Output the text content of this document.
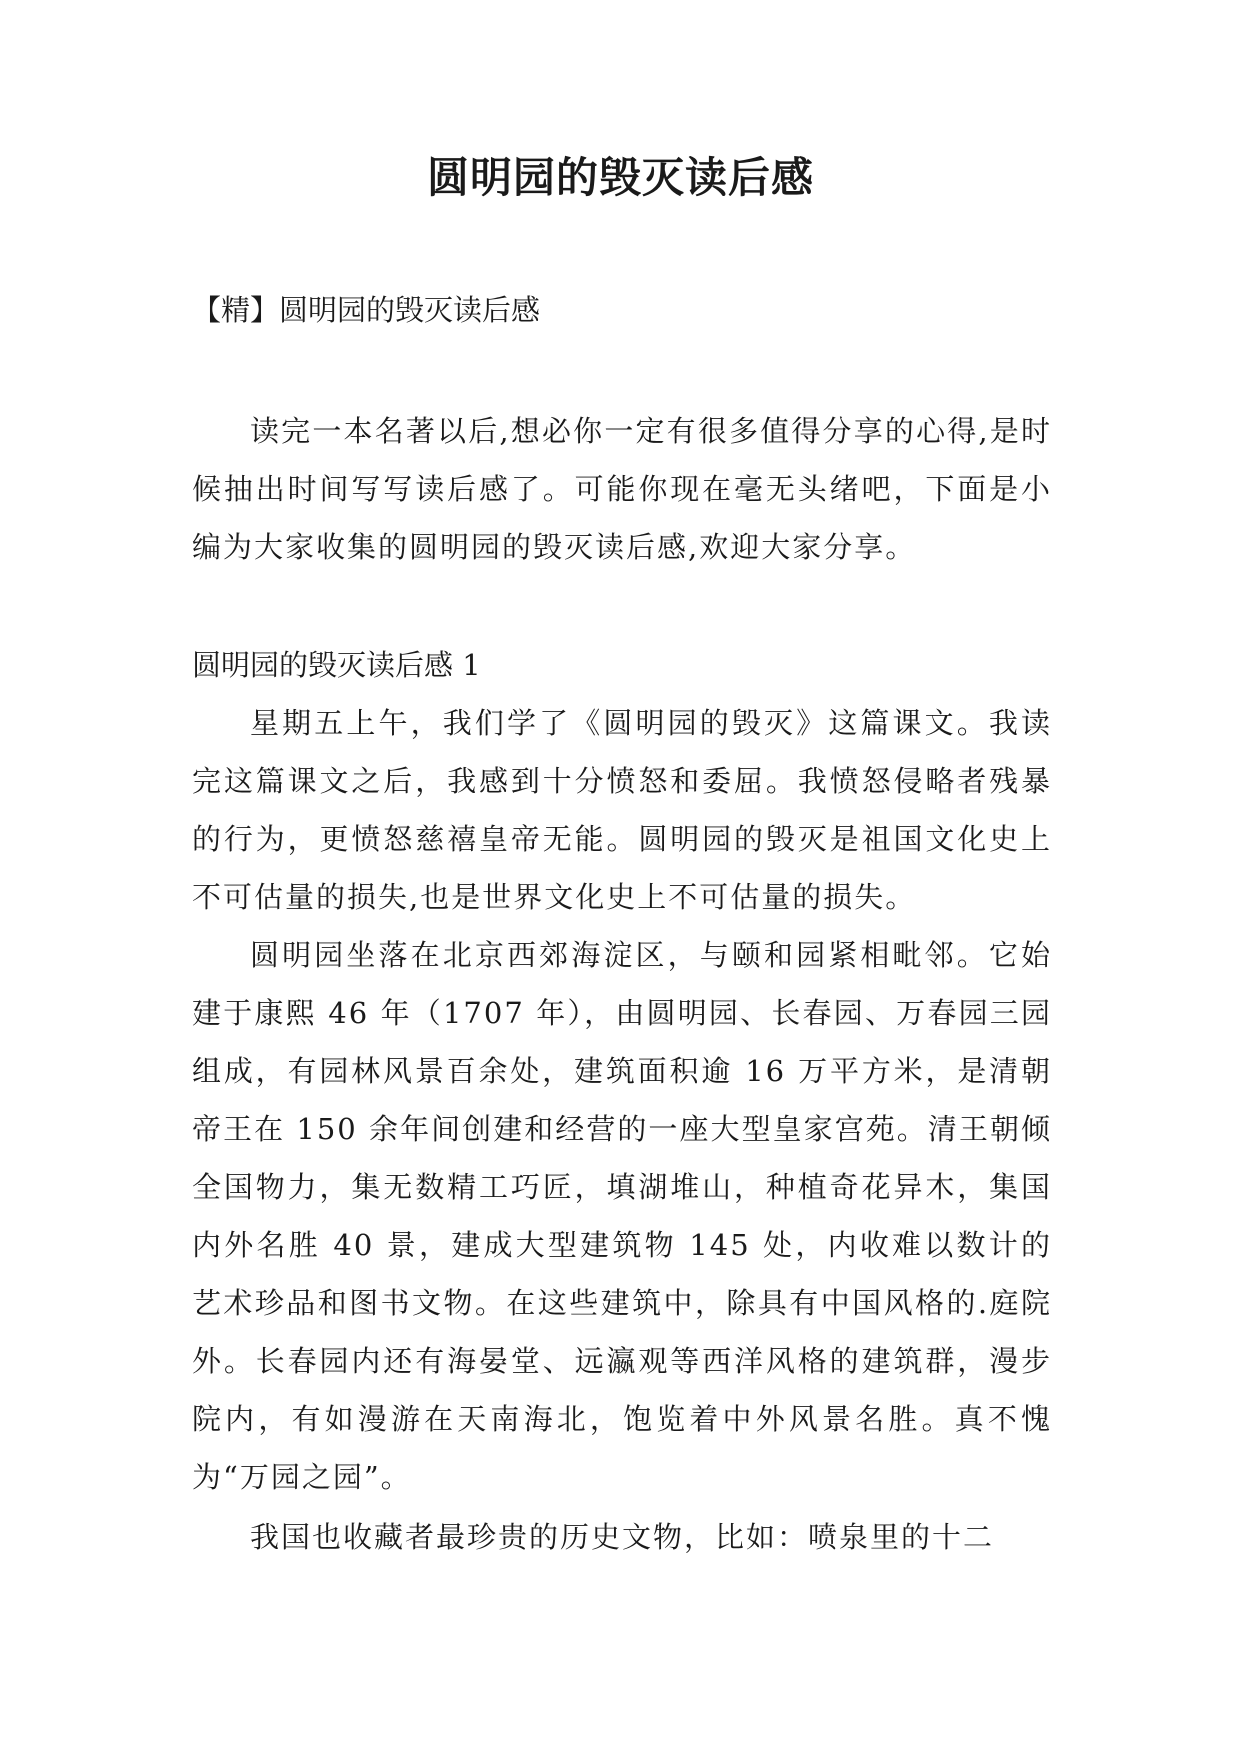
圆明园的毁灭读后感

【精】圆明园的毁灭读后感

读完一本名著以后,想必你一定有很多值得分享的心得,是时候抽出时间写写读后感了。可能你现在毫无头绪吧，下面是小编为大家收集的圆明园的毁灭读后感,欢迎大家分享。

圆明园的毁灭读后感 1

星期五上午，我们学了《圆明园的毁灭》这篇课文。我读完这篇课文之后，我感到十分愤怒和委屈。我愤怒侵略者残暴的行为，更愤怒慈禧皇帝无能。圆明园的毁灭是祖国文化史上不可估量的损失,也是世界文化史上不可估量的损失。

圆明园坐落在北京西郊海淀区，与颐和园紧相毗邻。它始建于康熙 46 年（1707 年），由圆明园、长春园、万春园三园组成，有园林风景百余处，建筑面积逾 16 万平方米，是清朝帝王在 150 余年间创建和经营的一座大型皇家宫苑。清王朝倾全国物力，集无数精工巧匠，填湖堆山，种植奇花异木，集国内外名胜 40 景，建成大型建筑物 145 处，内收难以数计的艺术珍品和图书文物。在这些建筑中，除具有中国风格的.庭院外。长春园内还有海晏堂、远瀛观等西洋风格的建筑群，漫步院内，有如漫游在天南海北，饱览着中外风景名胜。真不愧为“万园之园”。

我国也收藏者最珍贵的历史文物，比如：喷泉里的十二
